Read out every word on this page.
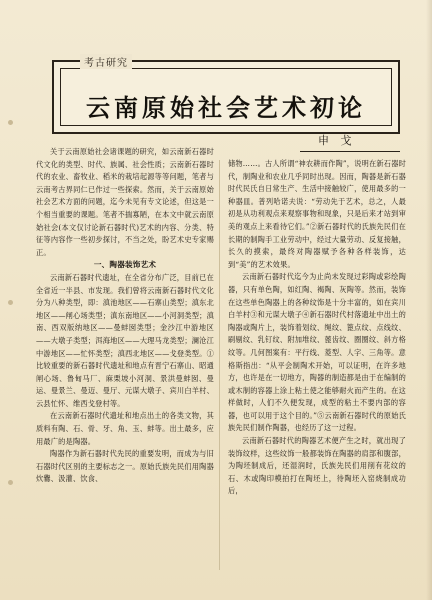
考古研究
云南原始社会艺术初论
申 戈

关于云南原始社会诸课题的研究，如云南新石器时代文化的类型、时代、族属、社会性质；云南新石器时代的农业、畜牧业、稻米的栽培起源等等问题，笔者与云南考古界同仁已作过一些探索。然而，关于云南原始社会艺术方面的问题，迄今未见有专文论述，但这是一个相当重要的课题。笔者不揣寡陋，在本文中就云南原始社会(本文仅讨论新石器时代)艺术的内容、分类、特征等内容作一些初步探讨，不当之处，盼艺术史专家赐正。

一、陶器装饰艺术

云南新石器时代遗址，在全省分布广泛，目前已在全省近一半县、市发现。我们曾将云南新石器时代文化分为八种类型，即：滇池地区——石寨山类型；滇东北地区——闸心场类型；滇东南地区——小河洞类型；滇南、西双版纳地区——曼蚌囡类型；金沙江中游地区——大墩子类型；洱海地区——大理马龙类型；澜沧江中游地区——忙怀类型；滇西北地区——戈登类型。①比较重要的新石器时代遗址和地点有晋宁石寨山、昭通闸心场、鲁甸马厂、麻栗坡小河洞、景洪曼蚌囡、曼运、曼景兰、曼迈、曼厅、元谋大墩子、宾川白羊村、云县忙怀、维西戈登村等。

在云南新石器时代遗址和地点出土的各类文物，其质料有陶、石、骨、牙、角、玉、蚌等。出土最多，应用最广的是陶器。

陶器作为新石器时代先民的重要发明，而成为与旧石器时代区别的主要标志之一。原始氏族先民们用陶器炊爨、汲灌、饮食、

储物……。古人所谓“神农耕而作陶”，说明在新石器时代，制陶业和农业几乎同时出现。因而，陶器是新石器时代民氏自日常生产、生活中接触较广，使用最多的一种器皿。普列哈诺夫说：“劳动先于艺术，总之，人最初是从功利观点来观察事物和现象，只是后来才站到审美的观点上来看待它们。”②新石器时代的氏族先民们在长期的制陶手工业劳动中，经过大量劳动、反复接触，长久的摸索，最终对陶器赋予各种各样装饰，达到“美”的艺术效果。

云南新石器时代迄今为止尚未发现过彩陶或彩绘陶器，只有单色陶，如红陶、褐陶、灰陶等。然而，装饰在这些单色陶器上的各种纹饰是十分丰富的，如在宾川白羊村③和元谋大墩子④新石器时代村落遗址中出土的陶器或陶片上，装饰着划纹、绳纹、篦点纹、点线纹、刷剔纹、乳钉纹、附加堆纹、蓖齿纹、圈圈纹、斜方格纹等。几何图案有：平行线、菱型、人字、三角等。意格斯指出：“从平会制陶术开始，可以证明，在许多地方，也许是在一切地方，陶器的制造都是由于在编制的或木制的容器上涂上粘土使之能够耐火而产生的。在这样做时，人们不久便发现，成型的粘土不要内部的容器，也可以用于这个目的。”⑤云南新石器时代的原始氏族先民们制作陶器，也经历了这一过程。

云南新石器时代的陶器艺术便产生之时，就出现了装饰纹样，这些纹饰一般都装饰在陶器的肩部和腹部，为陶坯制成后，还湿润时，氏族先民们用削有花纹的石、木或陶印模拍打在陶坯上，待陶坯入窑烧制成功后，
